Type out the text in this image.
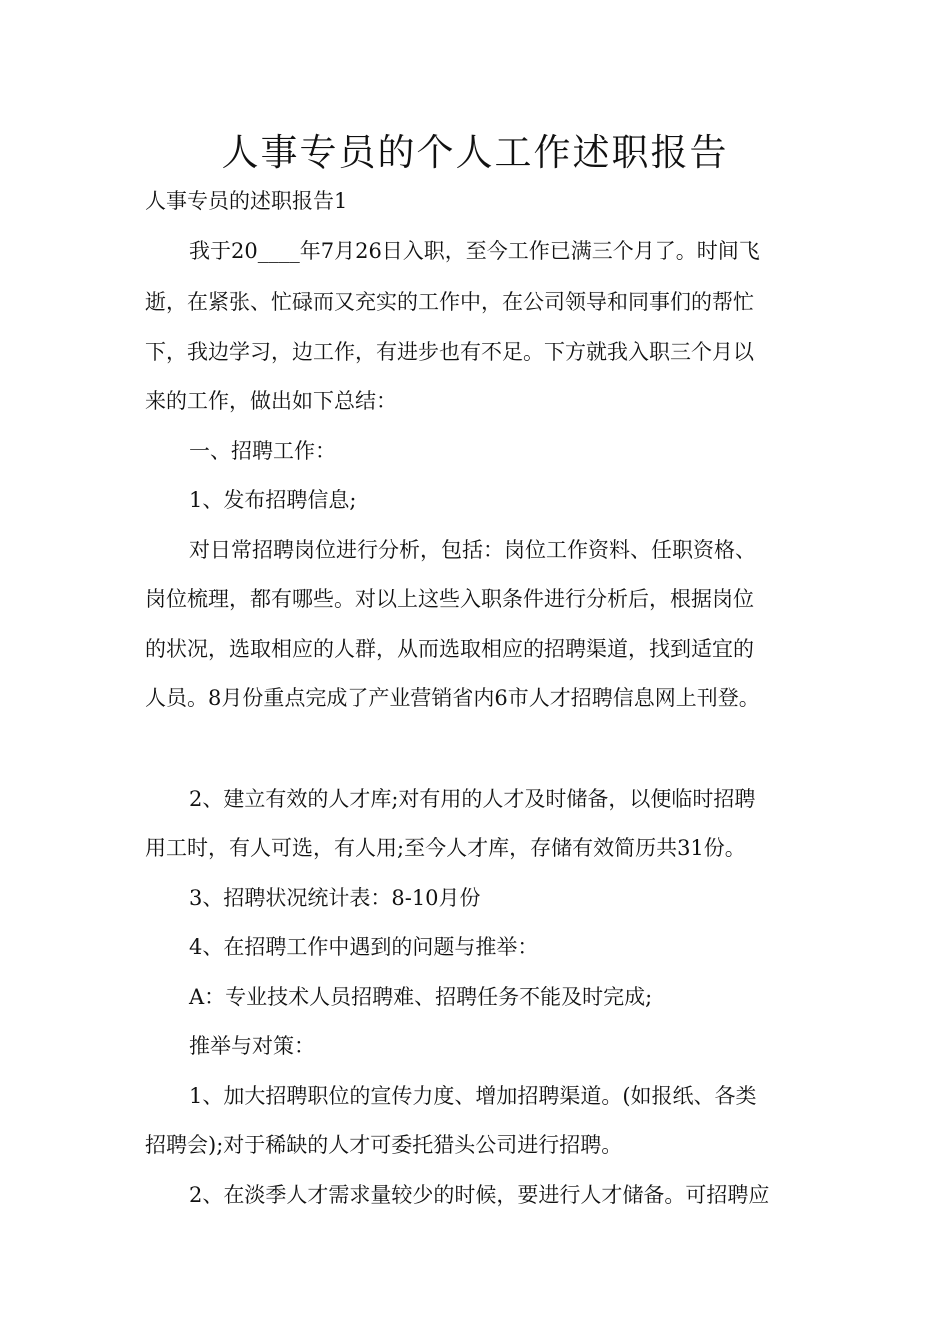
人事专员的个人工作述职报告
人事专员的述职报告1
我于20____年7月26日入职，至今工作已满三个月了。时间飞
逝，在紧张、忙碌而又充实的工作中，在公司领导和同事们的帮忙
下，我边学习，边工作，有进步也有不足。下方就我入职三个月以
来的工作，做出如下总结：
一、招聘工作：
1、发布招聘信息;
对日常招聘岗位进行分析，包括：岗位工作资料、任职资格、
岗位梳理，都有哪些。对以上这些入职条件进行分析后，根据岗位
的状况，选取相应的人群，从而选取相应的招聘渠道，找到适宜的
人员。8月份重点完成了产业营销省内6市人才招聘信息网上刊登。
2、建立有效的人才库;对有用的人才及时储备，以便临时招聘
用工时，有人可选，有人用;至今人才库，存储有效简历共31份。
3、招聘状况统计表：8-10月份
4、在招聘工作中遇到的问题与推举：
A：专业技术人员招聘难、招聘任务不能及时完成;
推举与对策：
1、加大招聘职位的宣传力度、增加招聘渠道。(如报纸、各类
招聘会);对于稀缺的人才可委托猎头公司进行招聘。
2、在淡季人才需求量较少的时候，要进行人才储备。可招聘应
